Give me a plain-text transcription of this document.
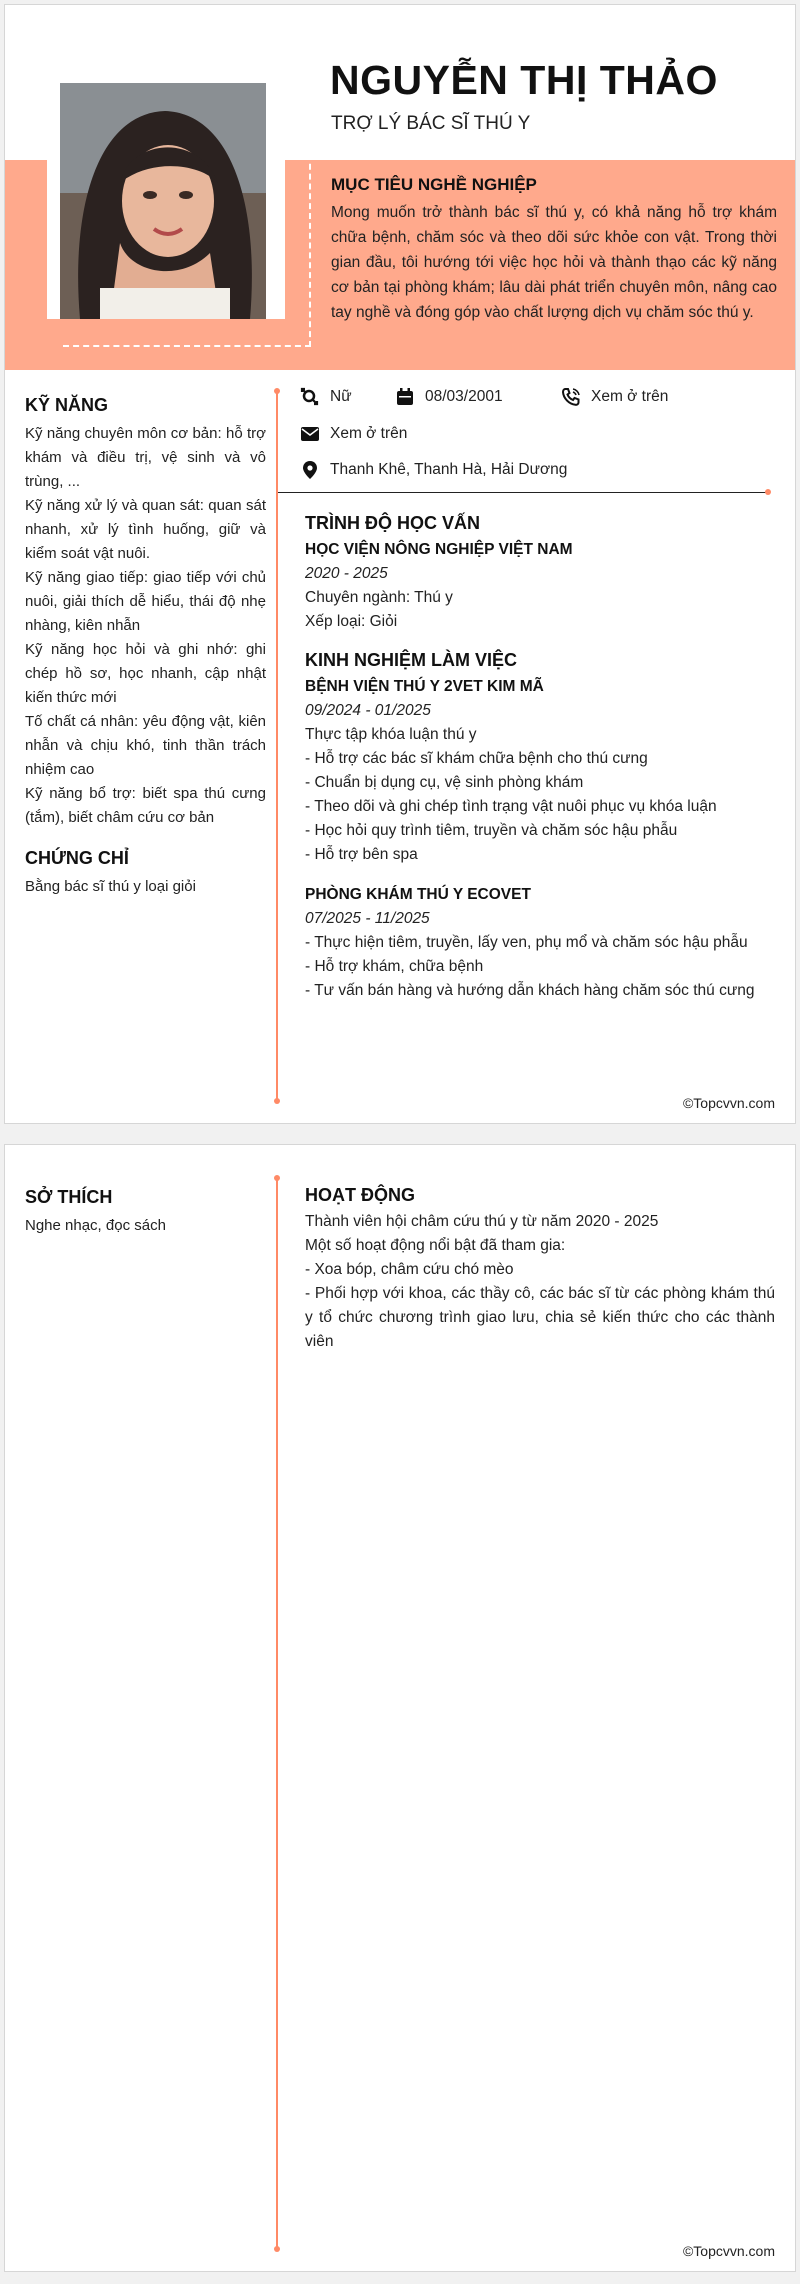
NGUYỄN THỊ THẢO
TRỢ LÝ BÁC SĨ THÚ Y
MỤC TIÊU NGHỀ NGHIỆP
Mong muốn trở thành bác sĩ thú y, có khả năng hỗ trợ khám chữa bệnh, chăm sóc và theo dõi sức khỏe con vật. Trong thời gian đầu, tôi hướng tới việc học hỏi và thành thạo các kỹ năng cơ bản tại phòng khám; lâu dài phát triển chuyên môn, nâng cao tay nghề và đóng góp vào chất lượng dịch vụ chăm sóc thú y.
Nữ	08/03/2001	Xem ở trên
Xem ở trên
Thanh Khê, Thanh Hà, Hải Dương
KỸ NĂNG
Kỹ năng chuyên môn cơ bản: hỗ trợ khám và điều trị, vệ sinh và vô trùng, ...
Kỹ năng xử lý và quan sát: quan sát nhanh, xử lý tình huống, giữ và kiểm soát vật nuôi.
Kỹ năng giao tiếp: giao tiếp với chủ nuôi, giải thích dễ hiểu, thái độ nhẹ nhàng, kiên nhẫn
Kỹ năng học hỏi và ghi nhớ: ghi chép hồ sơ, học nhanh, cập nhật kiến thức mới
Tố chất cá nhân: yêu động vật, kiên nhẫn và chịu khó, tinh thần trách nhiệm cao
Kỹ năng bổ trợ: biết spa thú cưng (tắm), biết châm cứu cơ bản
CHỨNG CHỈ
Bằng bác sĩ thú y loại giỏi
TRÌNH ĐỘ HỌC VẤN
HỌC VIỆN NÔNG NGHIỆP VIỆT NAM
2020 - 2025
Chuyên ngành: Thú y
Xếp loại: Giỏi
KINH NGHIỆM LÀM VIỆC
BỆNH VIỆN THÚ Y 2VET KIM MÃ
09/2024 - 01/2025
Thực tập khóa luận thú y
- Hỗ trợ các bác sĩ khám chữa bệnh cho thú cưng
- Chuẩn bị dụng cụ, vệ sinh phòng khám
- Theo dõi và ghi chép tình trạng vật nuôi phục vụ khóa luận
- Học hỏi quy trình tiêm, truyền và chăm sóc hậu phẫu
- Hỗ trợ bên spa
PHÒNG KHÁM THÚ Y ECOVET
07/2025 - 11/2025
- Thực hiện tiêm, truyền, lấy ven, phụ mổ và chăm sóc hậu phẫu
- Hỗ trợ khám, chữa bệnh
- Tư vấn bán hàng và hướng dẫn khách hàng chăm sóc thú cưng
©Topcvvn.com
SỞ THÍCH
Nghe nhạc, đọc sách
HOẠT ĐỘNG
Thành viên hội châm cứu thú y từ năm 2020 - 2025
Một số hoạt động nổi bật đã tham gia:
- Xoa bóp, châm cứu chó mèo
- Phối hợp với khoa, các thầy cô, các bác sĩ từ các phòng khám thú y tổ chức chương trình giao lưu, chia sẻ kiến thức cho các thành viên
©Topcvvn.com
